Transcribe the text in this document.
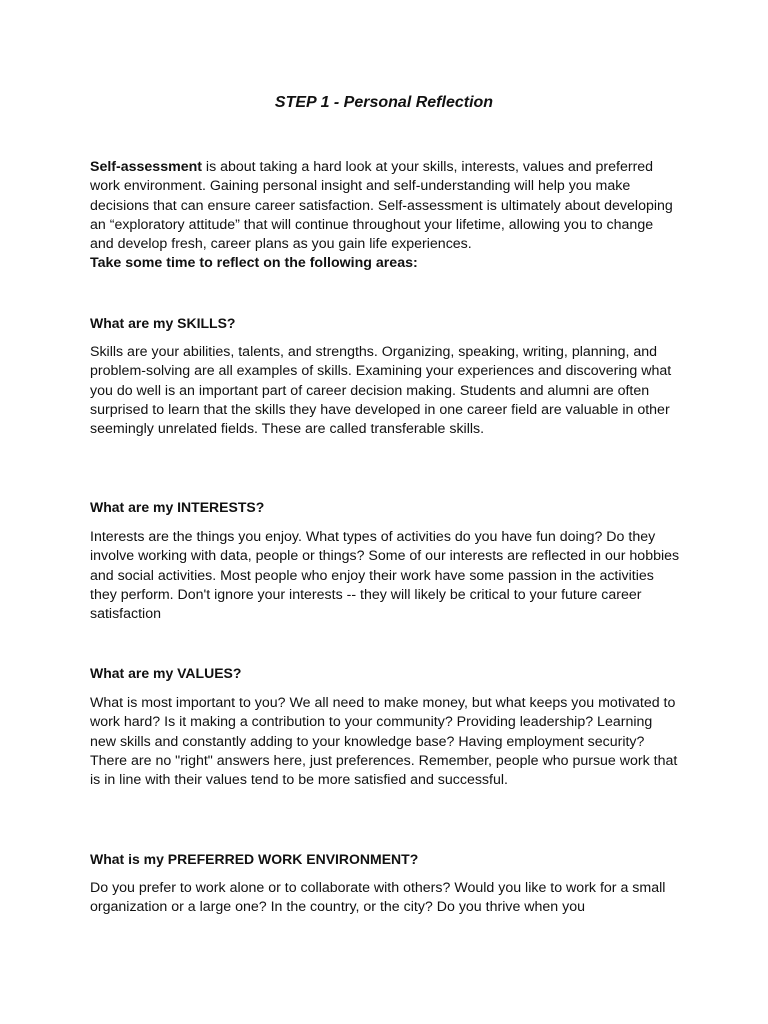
STEP 1 - Personal Reflection

Self-assessment is about taking a hard look at your skills, interests, values and preferred work environment. Gaining personal insight and self-understanding will help you make decisions that can ensure career satisfaction. Self-assessment is ultimately about developing an “exploratory attitude” that will continue throughout your lifetime, allowing you to change and develop fresh, career plans as you gain life experiences.
Take some time to reflect on the following areas:

What are my SKILLS?

Skills are your abilities, talents, and strengths. Organizing, speaking, writing, planning, and problem-solving are all examples of skills. Examining your experiences and discovering what you do well is an important part of career decision making. Students and alumni are often surprised to learn that the skills they have developed in one career field are valuable in other seemingly unrelated fields. These are called transferable skills.

What are my INTERESTS?

Interests are the things you enjoy. What types of activities do you have fun doing? Do they involve working with data, people or things? Some of our interests are reflected in our hobbies and social activities. Most people who enjoy their work have some passion in the activities they perform. Don't ignore your interests -- they will likely be critical to your future career satisfaction

What are my VALUES?

What is most important to you? We all need to make money, but what keeps you motivated to work hard? Is it making a contribution to your community? Providing leadership? Learning new skills and constantly adding to your knowledge base? Having employment security? There are no "right" answers here, just preferences. Remember, people who pursue work that is in line with their values tend to be more satisfied and successful.

What is my PREFERRED WORK ENVIRONMENT?

Do you prefer to work alone or to collaborate with others? Would you like to work for a small organization or a large one? In the country, or the city? Do you thrive when you
